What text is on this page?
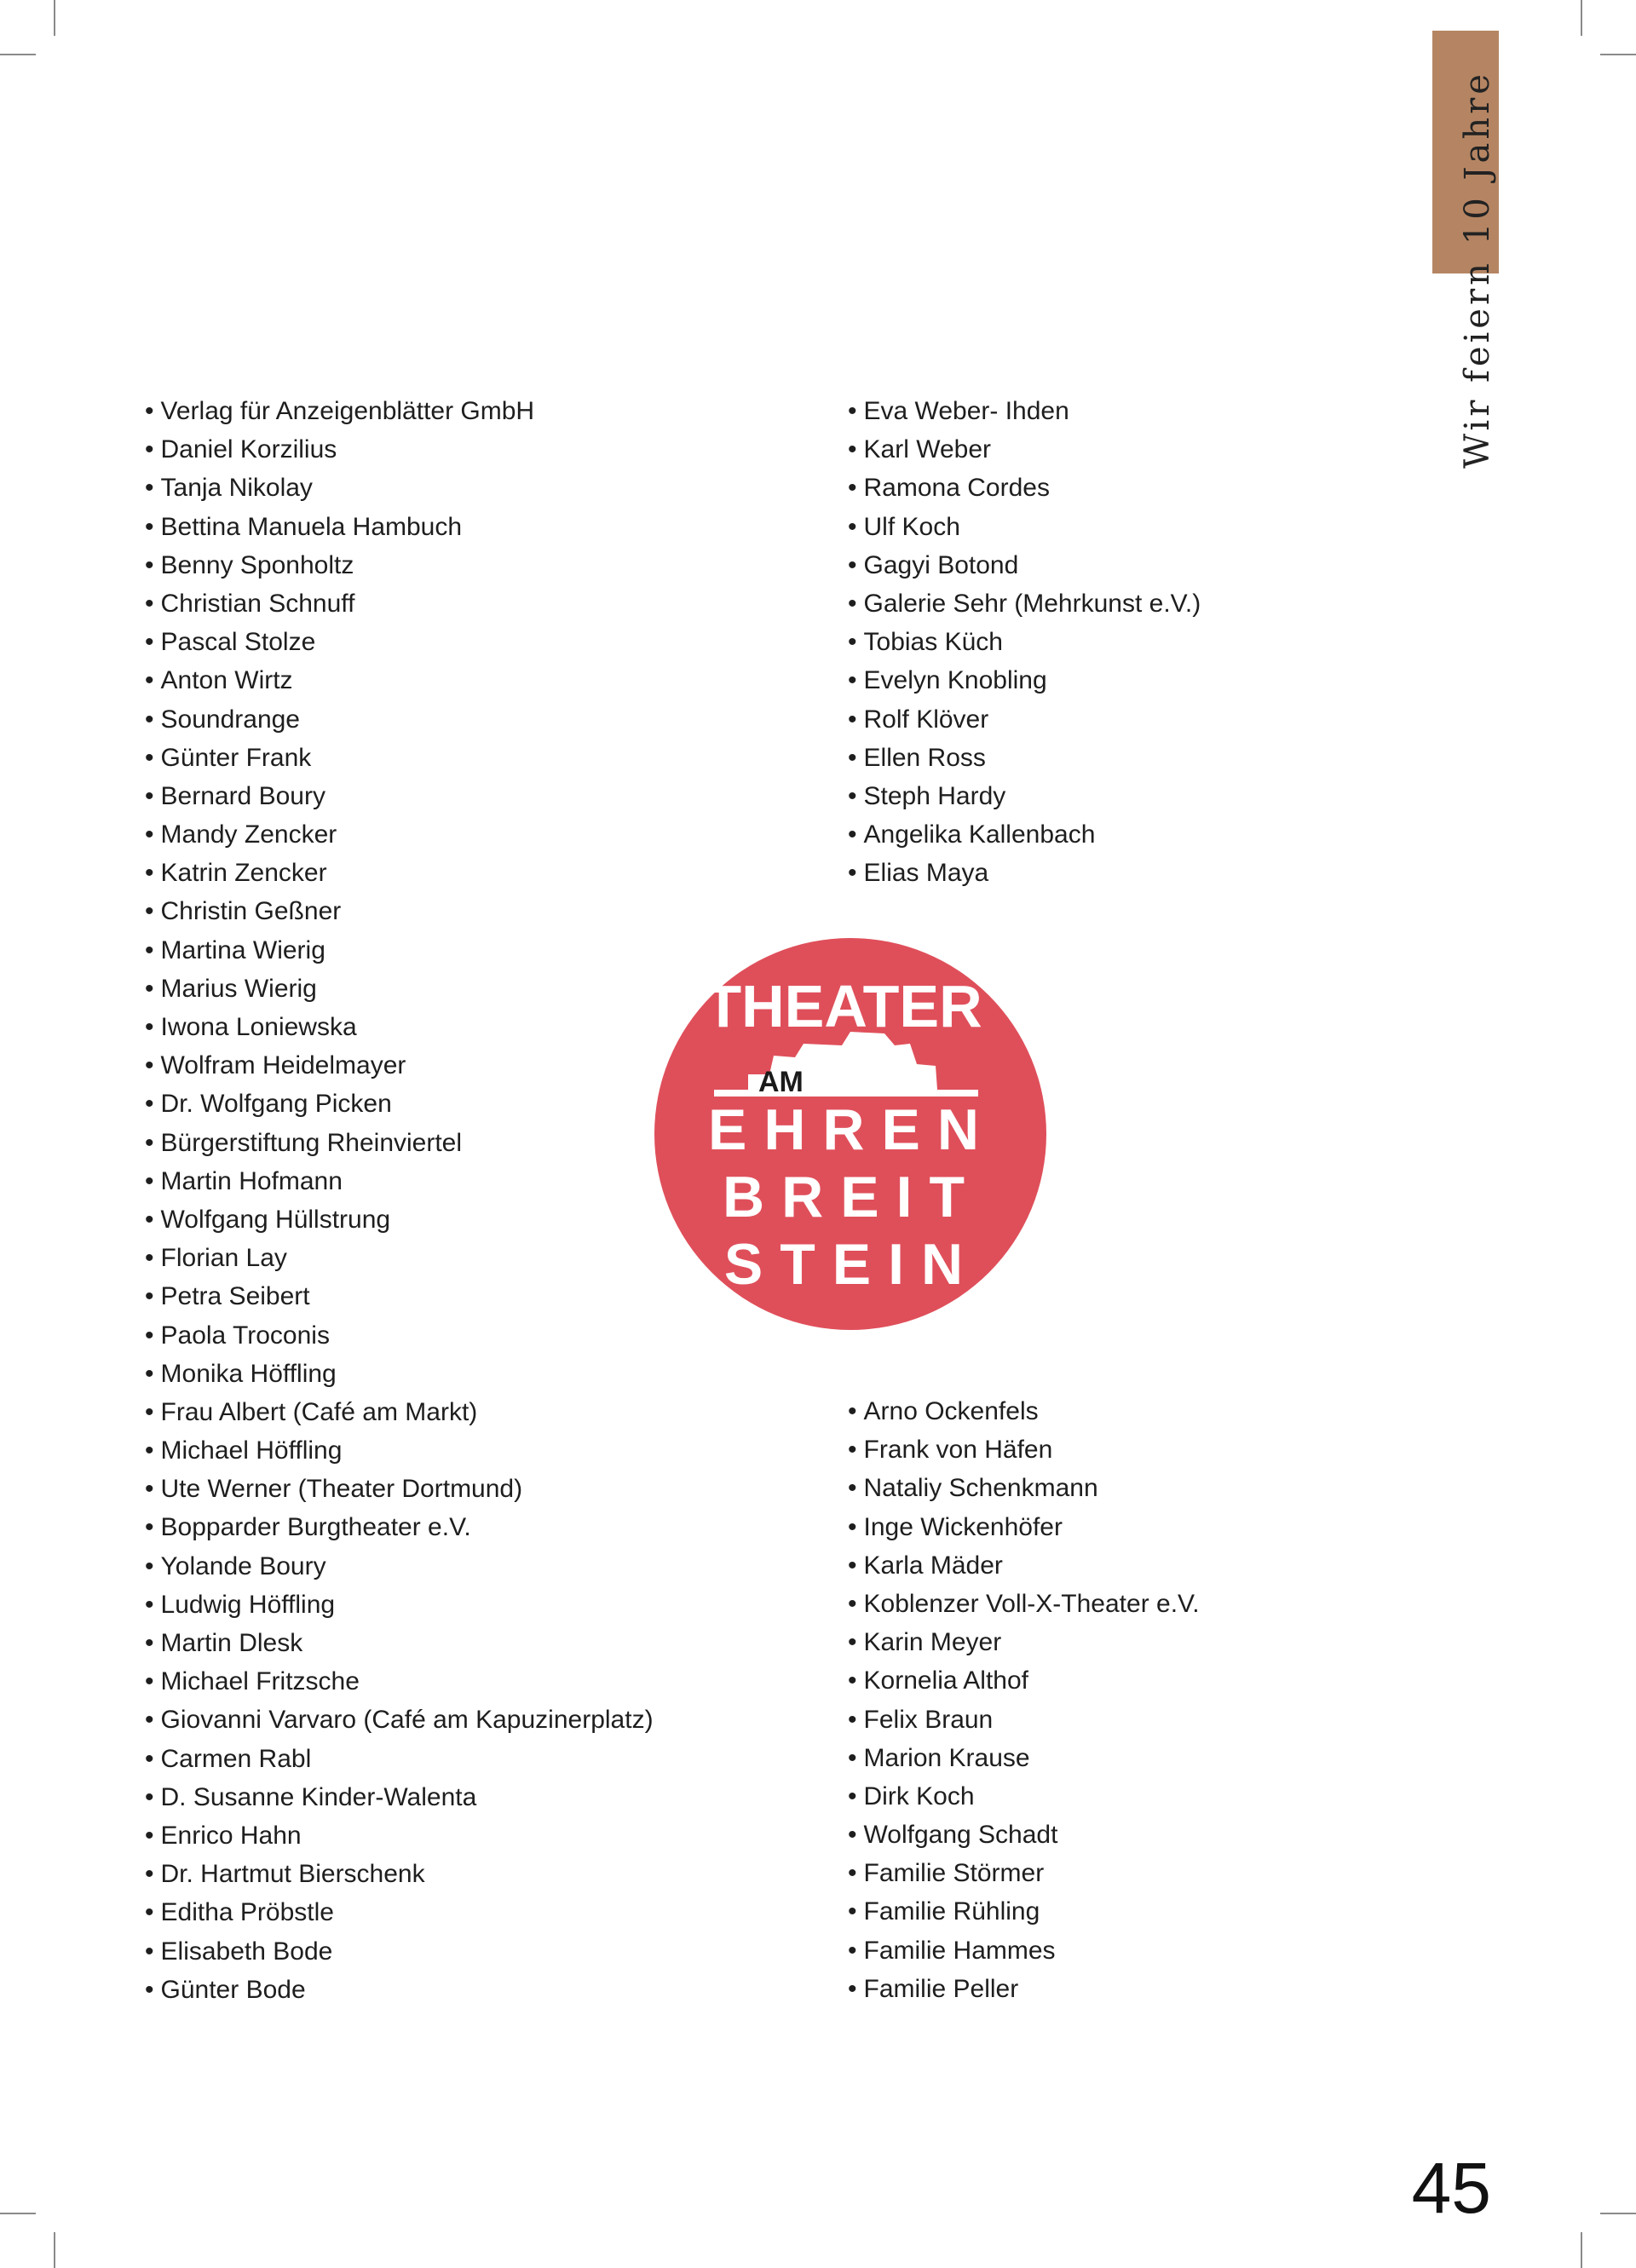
Wir feiern10 Jahre
• Verlag für Anzeigenblätter GmbH
• Daniel Korzilius
• Tanja Nikolay
• Bettina Manuela Hambuch
• Benny Sponholtz
• Christian Schnuff
• Pascal Stolze
• Anton Wirtz
• Soundrange
• Günter Frank
• Bernard Boury
• Mandy Zencker
• Katrin Zencker
• Christin Geßner
• Martina Wierig
• Marius Wierig
• Iwona Loniewska
• Wolfram Heidelmayer
• Dr. Wolfgang Picken
• Bürgerstiftung Rheinviertel
• Martin Hofmann
• Wolfgang Hüllstrung
• Florian Lay
• Petra Seibert
• Paola Troconis
• Monika Höffling
• Frau Albert (Café am Markt)
• Michael Höffling
• Ute Werner (Theater Dortmund)
• Bopparder Burgtheater e.V.
• Yolande Boury
• Ludwig Höffling
• Martin Dlesk
• Michael Fritzsche
• Giovanni Varvaro (Café am Kapuzinerplatz)
• Carmen Rabl
• D. Susanne Kinder-Walenta
• Enrico Hahn
• Dr. Hartmut Bierschenk
• Editha Pröbstle
• Elisabeth Bode
• Günter Bode
• Eva Weber- Ihden
• Karl Weber
• Ramona Cordes
• Ulf Koch
• Gagyi Botond
• Galerie Sehr (Mehrkunst e.V.)
• Tobias Küch
• Evelyn Knobling
• Rolf Klöver
• Ellen Ross
• Steph Hardy
• Angelika Kallenbach
• Elias Maya
• Arno Ockenfels
• Frank von Häfen
• Nataliy Schenkmann
• Inge Wickenhöfer
• Karla Mäder
• Koblenzer Voll-X-Theater e.V.
• Karin Meyer
• Kornelia Althof
• Felix Braun
• Marion Krause
• Dirk Koch
• Wolfgang Schadt
• Familie Störmer
• Familie Rühling
• Familie Hammes
• Familie Peller
THEATER
AM
EHREN
BREIT
STEIN
45
